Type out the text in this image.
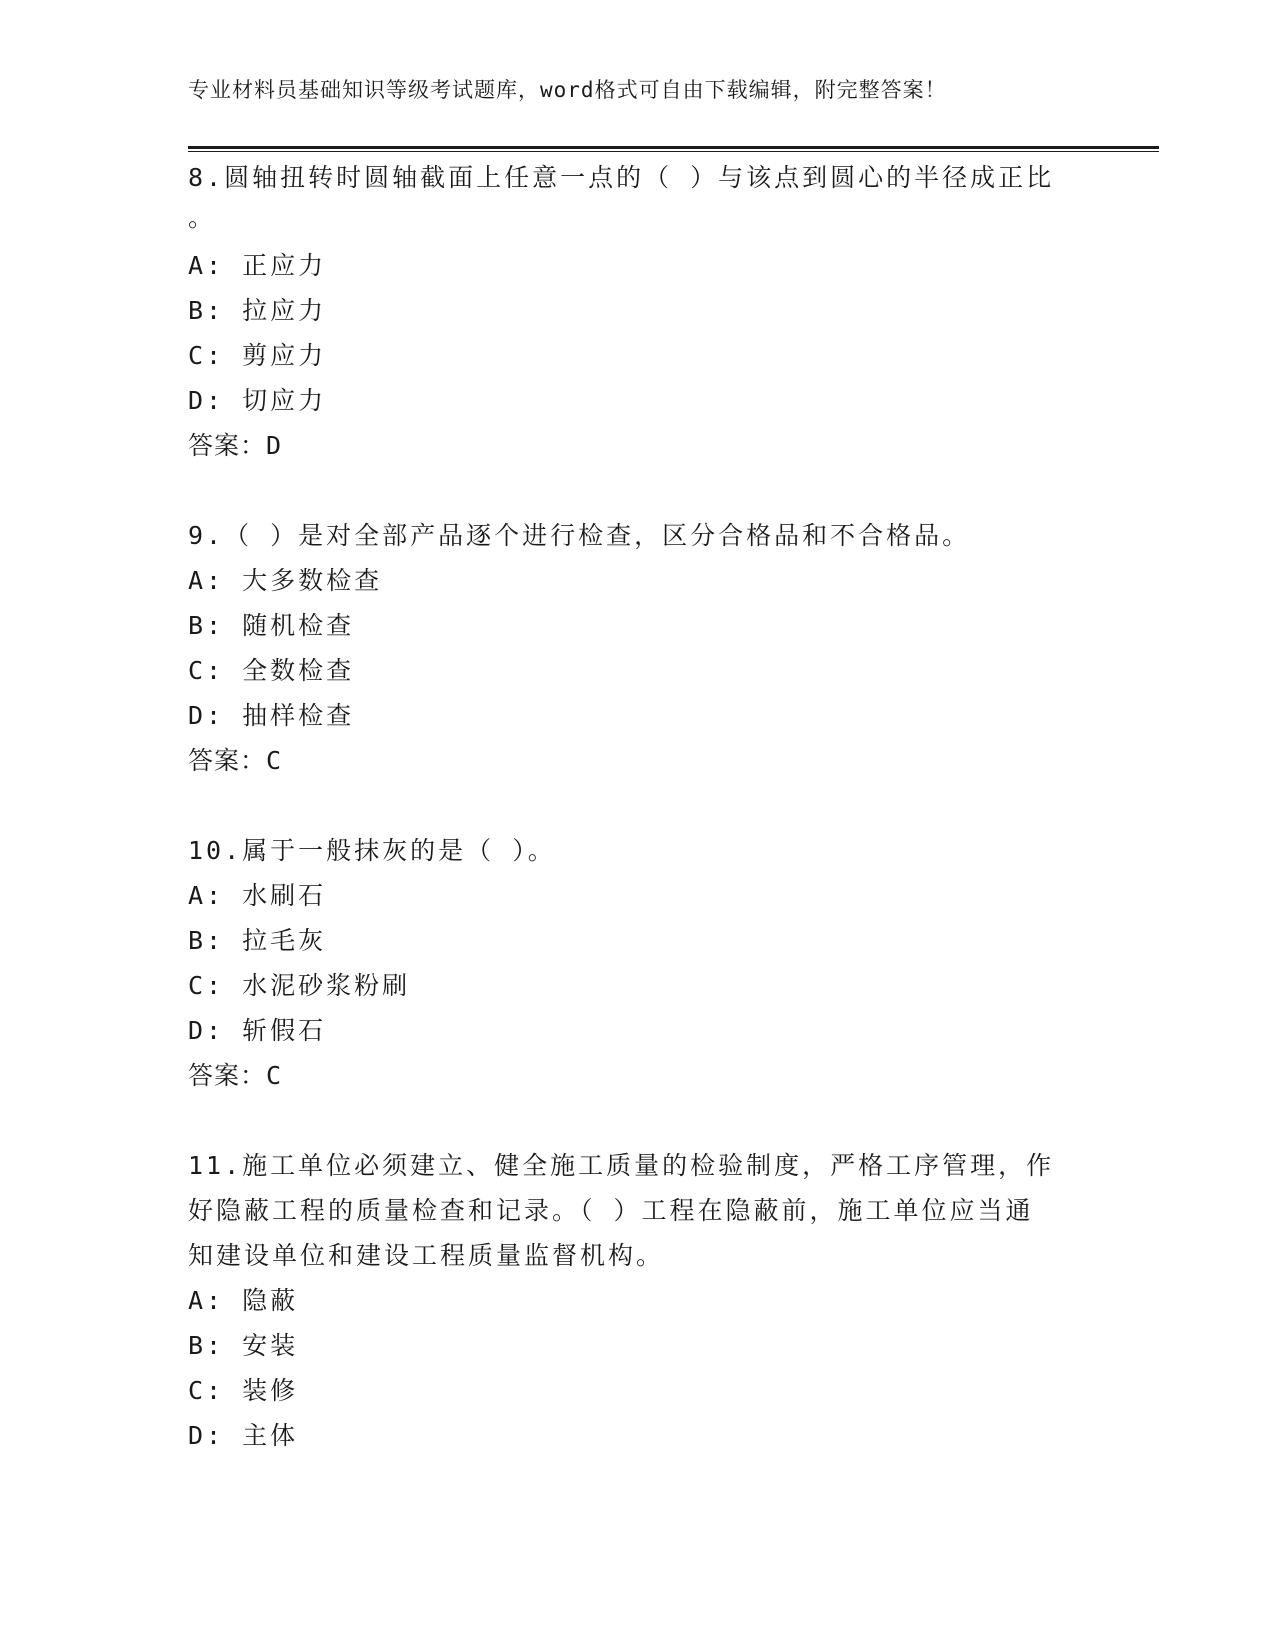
专业材料员基础知识等级考试题库，word格式可自由下载编辑，附完整答案！
8.圆轴扭转时圆轴截面上任意一点的（ ）与该点到圆心的半径成正比
。
A: 正应力
B: 拉应力
C: 剪应力
D: 切应力
答案：D
9.（ ）是对全部产品逐个进行检查，区分合格品和不合格品。
A: 大多数检查
B: 随机检查
C: 全数检查
D: 抽样检查
答案：C
10.属于一般抹灰的是（ ）。
A: 水刷石
B: 拉毛灰
C: 水泥砂浆粉刷
D: 斩假石
答案：C
11.施工单位必须建立、健全施工质量的检验制度，严格工序管理，作
好隐蔽工程的质量检查和记录。（ ）工程在隐蔽前，施工单位应当通
知建设单位和建设工程质量监督机构。
A: 隐蔽
B: 安装
C: 装修
D: 主体
